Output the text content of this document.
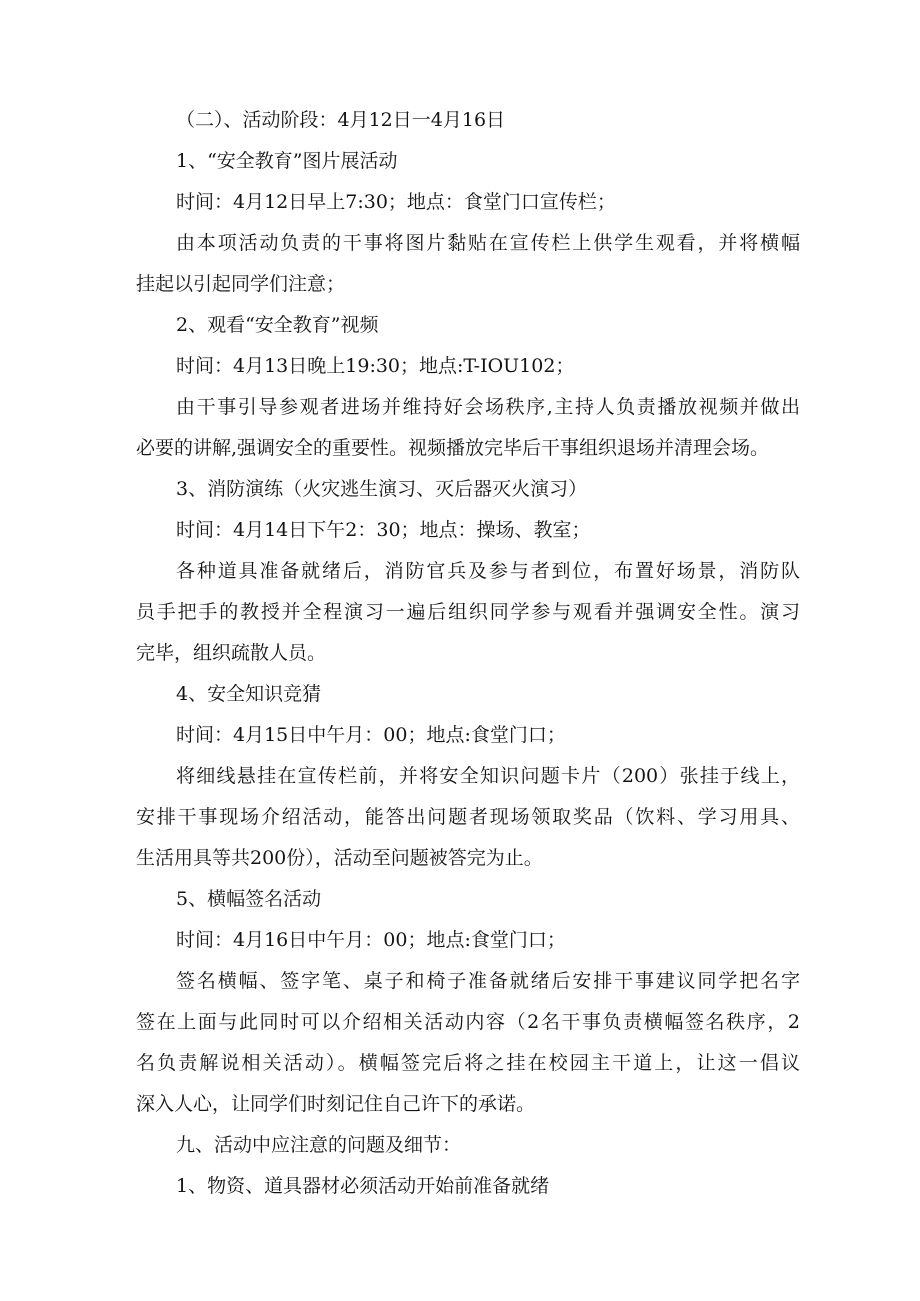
（二）、活动阶段：4月12日一4月16日

1、“安全教育”图片展活动

时间：4月12日早上7:30；地点：食堂门口宣传栏；

由本项活动负责的干事将图片黏贴在宣传栏上供学生观看，并将横幅

挂起以引起同学们注意；

2、观看“安全教育”视频

时间：4月13日晚上19:30；地点:T-IOU102；

由干事引导参观者进场并维持好会场秩序,主持人负责播放视频并做出

必要的讲解,强调安全的重要性。视频播放完毕后干事组织退场并清理会场。

3、消防演练（火灾逃生演习、灭后器灭火演习）

时间：4月14日下午2：30；地点：操场、教室；

各种道具准备就绪后，消防官兵及参与者到位，布置好场景，消防队

员手把手的教授并全程演习一遍后组织同学参与观看并强调安全性。演习

完毕，组织疏散人员。

4、安全知识竞猜

时间：4月15日中午月：00；地点:食堂门口；

将细线悬挂在宣传栏前，并将安全知识问题卡片（200）张挂于线上，

安排干事现场介绍活动，能答出问题者现场领取奖品（饮料、学习用具、

生活用具等共200份），活动至问题被答完为止。

5、横幅签名活动

时间：4月16日中午月：00；地点:食堂门口；

签名横幅、签字笔、桌子和椅子准备就绪后安排干事建议同学把名字

签在上面与此同时可以介绍相关活动内容（2名干事负责横幅签名秩序，2

名负责解说相关活动）。横幅签完后将之挂在校园主干道上，让这一倡议

深入人心，让同学们时刻记住自己许下的承诺。

九、活动中应注意的问题及细节：

1、物资、道具器材必须活动开始前准备就绪
